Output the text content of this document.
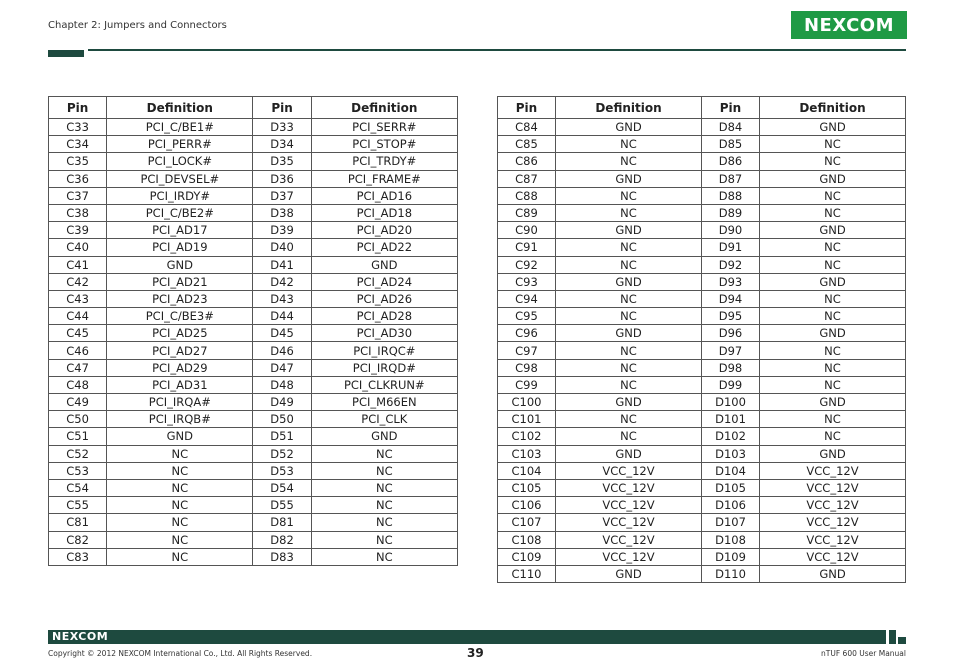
Chapter 2: Jumpers and Connectors	NEXCOM
Pin	Definition	Pin	Definition
C33	PCI_C/BE1#	D33	PCI_SERR#
C34	PCI_PERR#	D34	PCI_STOP#
C35	PCI_LOCK#	D35	PCI_TRDY#
C36	PCI_DEVSEL#	D36	PCI_FRAME#
C37	PCI_IRDY#	D37	PCI_AD16
C38	PCI_C/BE2#	D38	PCI_AD18
C39	PCI_AD17	D39	PCI_AD20
C40	PCI_AD19	D40	PCI_AD22
C41	GND	D41	GND
C42	PCI_AD21	D42	PCI_AD24
C43	PCI_AD23	D43	PCI_AD26
C44	PCI_C/BE3#	D44	PCI_AD28
C45	PCI_AD25	D45	PCI_AD30
C46	PCI_AD27	D46	PCI_IRQC#
C47	PCI_AD29	D47	PCI_IRQD#
C48	PCI_AD31	D48	PCI_CLKRUN#
C49	PCI_IRQA#	D49	PCI_M66EN
C50	PCI_IRQB#	D50	PCI_CLK
C51	GND	D51	GND
C52	NC	D52	NC
C53	NC	D53	NC
C54	NC	D54	NC
C55	NC	D55	NC
C81	NC	D81	NC
C82	NC	D82	NC
C83	NC	D83	NC
Pin	Definition	Pin	Definition
C84	GND	D84	GND
C85	NC	D85	NC
C86	NC	D86	NC
C87	GND	D87	GND
C88	NC	D88	NC
C89	NC	D89	NC
C90	GND	D90	GND
C91	NC	D91	NC
C92	NC	D92	NC
C93	GND	D93	GND
C94	NC	D94	NC
C95	NC	D95	NC
C96	GND	D96	GND
C97	NC	D97	NC
C98	NC	D98	NC
C99	NC	D99	NC
C100	GND	D100	GND
C101	NC	D101	NC
C102	NC	D102	NC
C103	GND	D103	GND
C104	VCC_12V	D104	VCC_12V
C105	VCC_12V	D105	VCC_12V
C106	VCC_12V	D106	VCC_12V
C107	VCC_12V	D107	VCC_12V
C108	VCC_12V	D108	VCC_12V
C109	VCC_12V	D109	VCC_12V
C110	GND	D110	GND
NEXCOM
Copyright © 2012 NEXCOM International Co., Ltd. All Rights Reserved.	39	nTUF 600 User Manual
